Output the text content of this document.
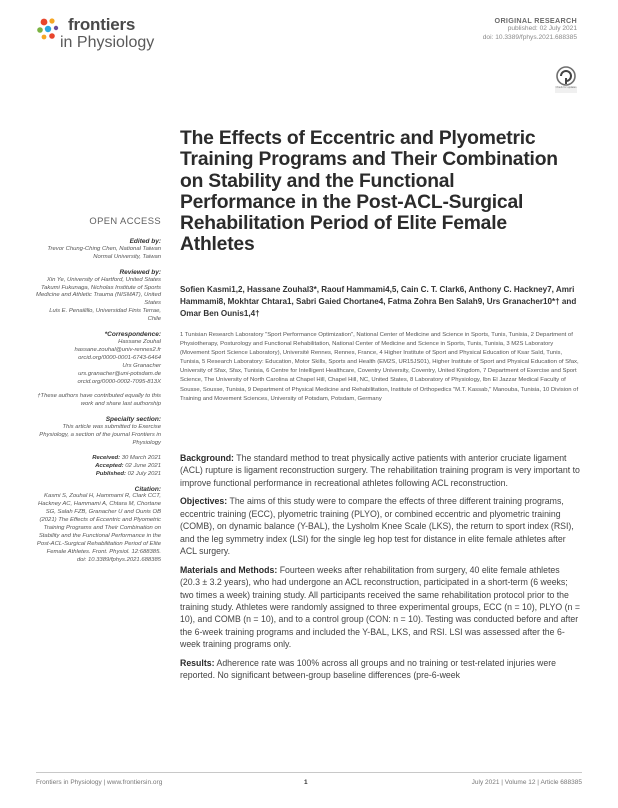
frontiers
in Physiology
ORIGINAL RESEARCH
published: 02 July 2021
doi: 10.3389/fphys.2021.688385
Check for updates
The Effects of Eccentric and Plyometric Training Programs and Their Combination on Stability and the Functional Performance in the Post-ACL-Surgical Rehabilitation Period of Elite Female Athletes
Sofien Kasmi1,2, Hassane Zouhal3*, Raouf Hammami4,5, Cain C. T. Clark6, Anthony C. Hackney7, Amri Hammami8, Mokhtar Chtara1, Sabri Gaied Chortane4, Fatma Zohra Ben Salah9, Urs Granacher10*† and Omar Ben Ounis1,4†
1 Tunisian Research Laboratory "Sport Performance Optimization", National Center of Medicine and Science in Sports, Tunis, Tunisia, 2 Department of Physiotherapy, Posturology and Functional Rehabilitation, National Center of Medicine and Science in Sports, Tunis, Tunisia, 3 M2S Laboratory (Movement Sport Science Laboratory), Université Rennes, Rennes, France, 4 Higher Institute of Sport and Physical Education of Ksar Saïd, Tunis, Tunisia, 5 Research Laboratory: Education, Motor Skills, Sports and Health (EM2S, UR15JS01), Higher Institute of Sport and Physical Education of Sfax, University of Sfax, Sfax, Tunisia, 6 Centre for Intelligent Healthcare, Coventry University, Coventry, United Kingdom, 7 Department of Exercise and Sport Science, The University of North Carolina at Chapel Hill, Chapel Hill, NC, United States, 8 Laboratory of Physiology, Ibn El Jazzar Medical Faculty of Sousse, Sousse, Tunisia, 9 Department of Physical Medicine and Rehabilitation, Institute of Orthopedics "M.T. Kassab," Manouba, Tunisia, 10 Division of Training and Movement Sciences, University of Potsdam, Potsdam, Germany
OPEN ACCESS
Edited by:
Trevor Chung-Ching Chen, National Taiwan Normal University, Taiwan
Reviewed by:
Xin Ye, University of Hartford, United States
Takumi Fukunaga, Nicholas Institute of Sports Medicine and Athletic Trauma (NISMAT), United States
Luis E. Penailillo, Universidad Finis Terrae, Chile
*Correspondence:
Hassane Zouhal
hassane.zouhal@univ-rennes2.fr
orcid.org/0000-0001-6743-6464
Urs Granacher
urs.granacher@uni-potsdam.de
orcid.org/0000-0002-7095-813X
†These authors have contributed equally to this work and share last authorship
Specialty section:
This article was submitted to Exercise Physiology, a section of the journal Frontiers in Physiology
Received: 30 March 2021
Accepted: 02 June 2021
Published: 02 July 2021
Citation:
Kasmi S, Zouhal H, Hammami R, Clark CCT, Hackney AC, Hammami A, Chtara M, Chortane SG, Salah FZB, Granacher U and Ounis OB (2021) The Effects of Eccentric and Plyometric Training Programs and Their Combination on Stability and the Functional Performance in the Post-ACL-Surgical Rehabilitation Period of Elite Female Athletes. Front. Physiol. 12:688385. doi: 10.3389/fphys.2021.688385

Background: The standard method to treat physically active patients with anterior cruciate ligament (ACL) rupture is ligament reconstruction surgery. The rehabilitation training program is very important to improve functional performance in recreational athletes following ACL reconstruction.

Objectives: The aims of this study were to compare the effects of three different training programs, eccentric training (ECC), plyometric training (PLYO), or combined eccentric and plyometric training (COMB), on dynamic balance (Y-BAL), the Lysholm Knee Scale (LKS), the return to sport index (RSI), and the leg symmetry index (LSI) for the single leg hop test for distance in elite female athletes after ACL surgery.

Materials and Methods: Fourteen weeks after rehabilitation from surgery, 40 elite female athletes (20.3 ± 3.2 years), who had undergone an ACL reconstruction, participated in a short-term (6 weeks; two times a week) training study. All participants received the same rehabilitation protocol prior to the training study. Athletes were randomly assigned to three experimental groups, ECC (n = 10), PLYO (n = 10), and COMB (n = 10), and to a control group (CON: n = 10). Testing was conducted before and after the 6-week training programs and included the Y-BAL, LKS, and RSI. LSI was assessed after the 6-week training programs only.

Results: Adherence rate was 100% across all groups and no training or test-related injuries were reported. No significant between-group baseline differences (pre-6-week

Frontiers in Physiology | www.frontiersin.org	1	July 2021 | Volume 12 | Article 688385
